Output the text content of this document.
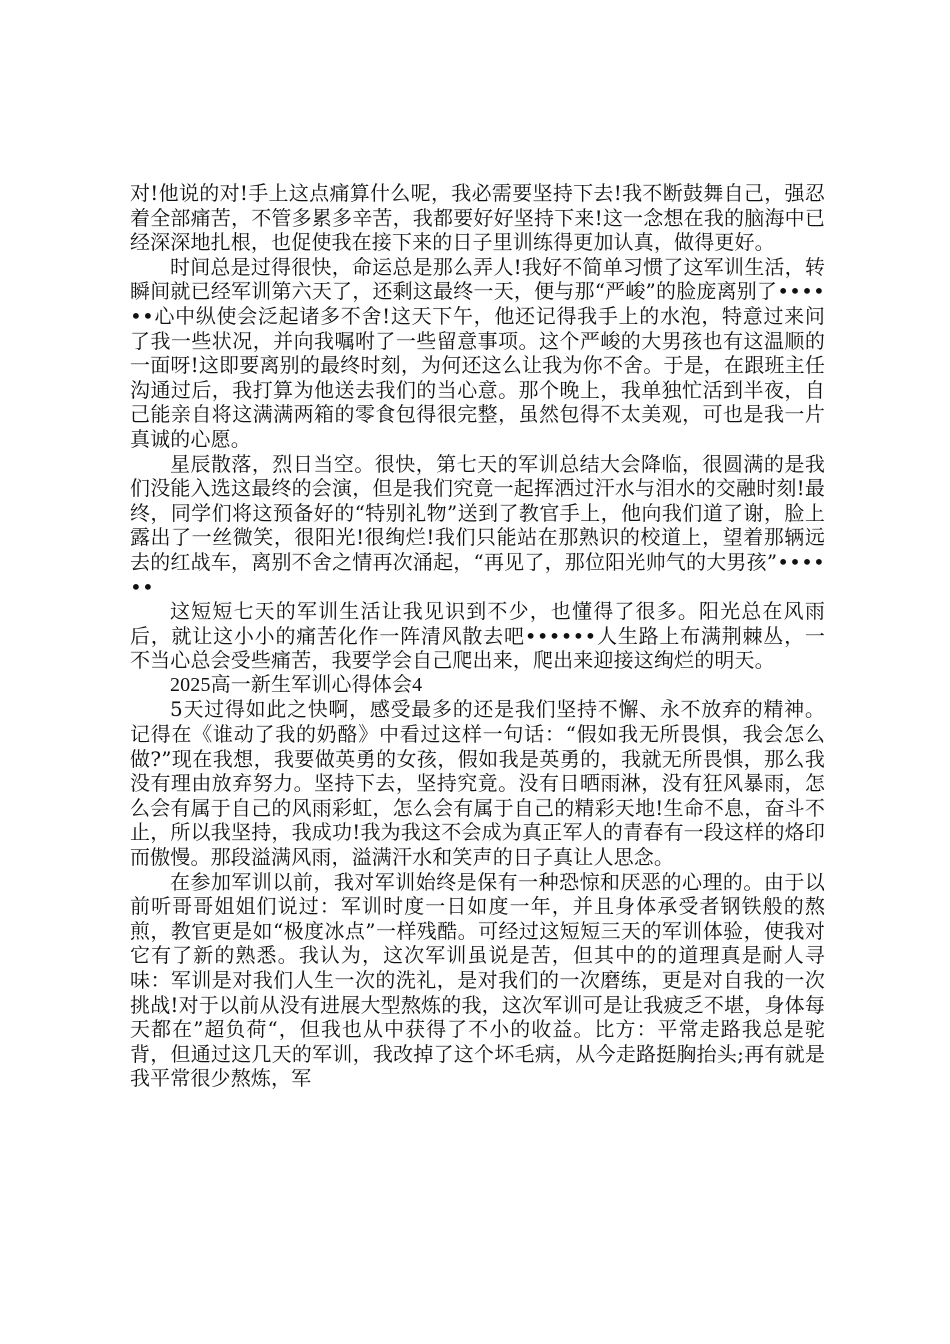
对!他说的对!手上这点痛算什么呢，我必需要坚持下去!我不断鼓舞自己，强忍着全部痛苦，不管多累多辛苦，我都要好好坚持下来!这一念想在我的脑海中已经深深地扎根，也促使我在接下来的日子里训练得更加认真，做得更好。

时间总是过得很快，命运总是那么弄人!我好不简单习惯了这军训生活，转瞬间就已经军训第六天了，还剩这最终一天，便与那“严峻”的脸庞离别了••••••心中纵使会泛起诸多不舍!这天下午，他还记得我手上的水泡，特意过来问了我一些状况，并向我嘱咐了一些留意事项。这个严峻的大男孩也有这温顺的一面呀!这即要离别的最终时刻，为何还这么让我为你不舍。于是，在跟班主任沟通过后，我打算为他送去我们的当心意。那个晚上，我单独忙活到半夜，自己能亲自将这满满两箱的零食包得很完整，虽然包得不太美观，可也是我一片真诚的心愿。

星辰散落，烈日当空。很快，第七天的军训总结大会降临，很圆满的是我们没能入选这最终的会演，但是我们究竟一起挥洒过汗水与泪水的交融时刻!最终，同学们将这预备好的“特别礼物”送到了教官手上，他向我们道了谢，脸上露出了一丝微笑，很阳光!很绚烂!我们只能站在那熟识的校道上，望着那辆远去的红战车，离别不舍之情再次涌起，“再见了，那位阳光帅气的大男孩”••••••

这短短七天的军训生活让我见识到不少，也懂得了很多。阳光总在风雨后，就让这小小的痛苦化作一阵清风散去吧••••••人生路上布满荆棘丛，一不当心总会受些痛苦，我要学会自己爬出来，爬出来迎接这绚烂的明天。

2025高一新生军训心得体会4

5天过得如此之快啊，感受最多的还是我们坚持不懈、永不放弃的精神。记得在《谁动了我的奶酪》中看过这样一句话：“假如我无所畏惧，我会怎么做?”现在我想，我要做英勇的女孩，假如我是英勇的，我就无所畏惧，那么我没有理由放弃努力。坚持下去，坚持究竟。没有日晒雨淋，没有狂风暴雨，怎么会有属于自己的风雨彩虹，怎么会有属于自己的精彩天地!生命不息，奋斗不止，所以我坚持，我成功!我为我这不会成为真正军人的青春有一段这样的烙印而傲慢。那段溢满风雨，溢满汗水和笑声的日子真让人思念。

在参加军训以前，我对军训始终是保有一种恐惊和厌恶的心理的。由于以前听哥哥姐姐们说过：军训时度一日如度一年，并且身体承受者钢铁般的熬煎，教官更是如“极度冰点”一样残酷。可经过这短短三天的军训体验，使我对它有了新的熟悉。我认为，这次军训虽说是苦，但其中的的道理真是耐人寻味：军训是对我们人生一次的洗礼，是对我们的一次磨练，更是对自我的一次挑战!对于以前从没有进展大型熬炼的我，这次军训可是让我疲乏不堪，身体每天都在”超负荷“，但我也从中获得了不小的收益。比方：平常走路我总是驼背，但通过这几天的军训，我改掉了这个坏毛病，从今走路挺胸抬头;再有就是我平常很少熬炼，军
